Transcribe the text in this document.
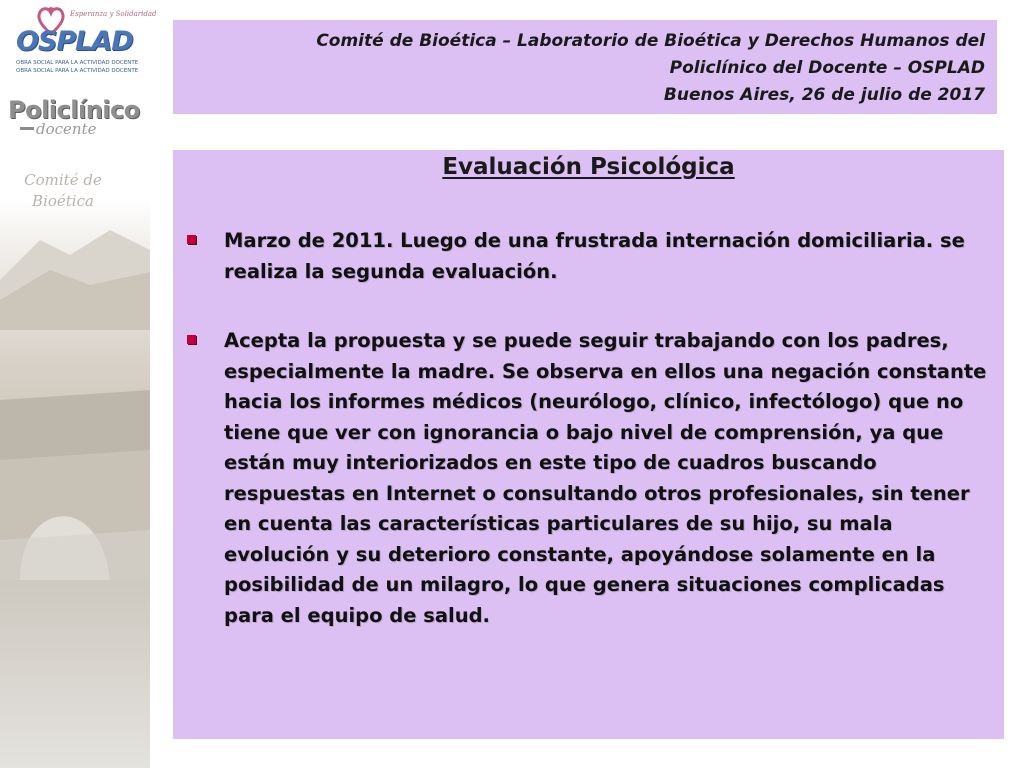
Esperanza y Solidaridad
OSPLAD
OBRA SOCIAL PARA LA ACTIVIDAD DOCENTE
OBRA SOCIAL PARA LA ACTIVIDAD DOCENTE
Policlínico
docente
Comité de
Bioética
Comité de Bioética – Laboratorio de Bioética y Derechos Humanos del
Policlínico del Docente – OSPLAD
Buenos Aires, 26 de julio de 2017
Evaluación Psicológica
Marzo de 2011. Luego de una frustrada internación domiciliaria. se realiza la segunda evaluación.
Acepta la propuesta y se puede seguir trabajando con los padres, especialmente la madre. Se observa en ellos una negación constante hacia los informes médicos (neurólogo, clínico, infectólogo) que no tiene que ver con ignorancia o bajo nivel de comprensión, ya que están muy interiorizados en este tipo de cuadros buscando respuestas en Internet o consultando otros profesionales, sin tener en cuenta las características particulares de su hijo, su mala evolución y su deterioro constante, apoyándose solamente en la posibilidad de un milagro, lo que genera situaciones complicadas para el equipo de salud.
